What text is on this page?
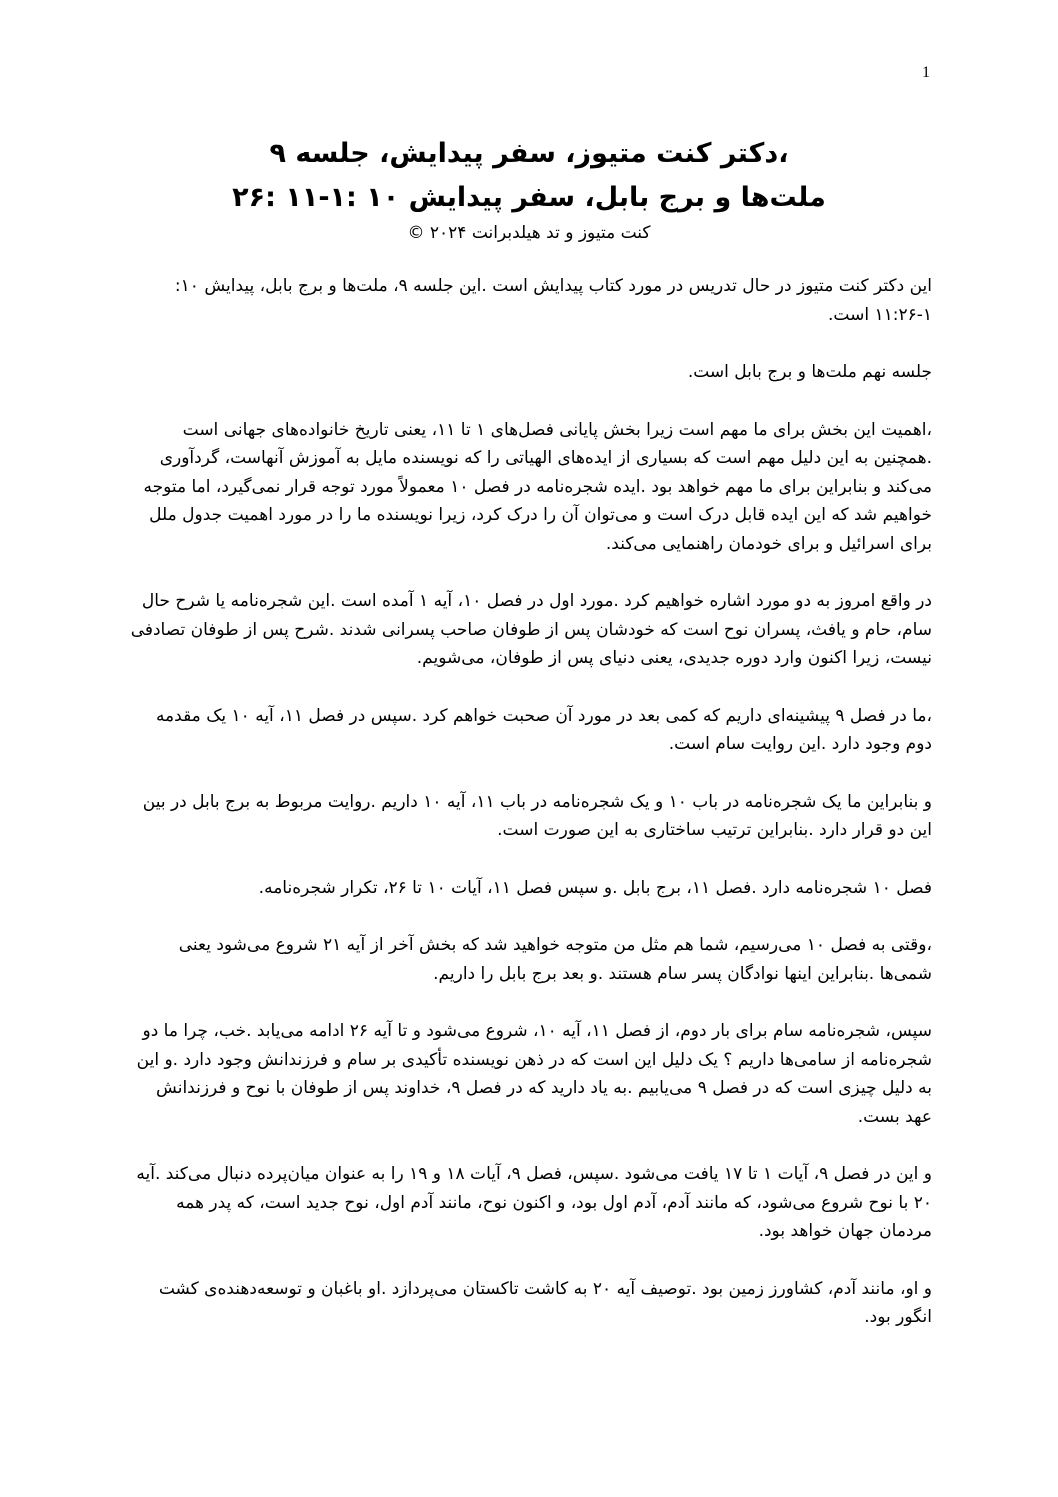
1
،دکتر کنت متیوز، سفر پیدایش، جلسه ۹
ملت‌ها و برج بابل، سفر پیدایش ۱۰ :۱-۱۱ :۲۶
کنت متیوز و تد هیلدبرانت ۲۰۲۴ ©

این دکتر کنت متیوز در حال تدریس در مورد کتاب پیدایش است .این جلسه ۹، ملت‌ها و برج بابل، پیدایش ۱۰: ۱-۱۱:۲۶ است.

جلسه نهم ملت‌ها و برج بابل است.

،اهمیت این بخش برای ما مهم است زیرا بخش پایانی فصل‌های ۱ تا ۱۱، یعنی تاریخ خانواده‌های جهانی است .همچنین به این دلیل مهم است که بسیاری از ایده‌های الهیاتی را که نویسنده مایل به آموزش آنهاست، گردآوری می‌کند و بنابراین برای ما مهم خواهد بود .ایده شجره‌نامه در فصل ۱۰ معمولاً مورد توجه قرار نمی‌گیرد، اما متوجه خواهیم شد که این ایده قابل درک است و می‌توان آن را درک کرد، زیرا نویسنده ما را در مورد اهمیت جدول ملل برای اسرائیل و برای خودمان راهنمایی می‌کند.

در واقع امروز به دو مورد اشاره خواهیم کرد .مورد اول در فصل ۱۰، آیه ۱ آمده است .این شجره‌نامه یا شرح حال سام، حام و یافث، پسران نوح است که خودشان پس از طوفان صاحب پسرانی شدند .شرح پس از طوفان تصادفی نیست، زیرا اکنون وارد دوره جدیدی، یعنی دنیای پس از طوفان، می‌شویم.

،ما در فصل ۹ پیشینه‌ای داریم که کمی بعد در مورد آن صحبت خواهم کرد .سپس در فصل ۱۱، آیه ۱۰ یک مقدمه دوم وجود دارد .این روایت سام است.

و بنابراین ما یک شجره‌نامه در باب ۱۰ و یک شجره‌نامه در باب ۱۱، آیه ۱۰ داریم .روایت مربوط به برج بابل در بین این دو قرار دارد .بنابراین ترتیب ساختاری به این صورت است.

فصل ۱۰ شجره‌نامه دارد .فصل ۱۱، برج بابل .و سپس فصل ۱۱، آیات ۱۰ تا ۲۶، تکرار شجره‌نامه.

،وقتی به فصل ۱۰ می‌رسیم، شما هم مثل من متوجه خواهید شد که بخش آخر از آیه ۲۱ شروع می‌شود یعنی شمی‌ها .بنابراین اینها نوادگان پسر سام هستند .و بعد برج بابل را داریم.

سپس، شجره‌نامه سام برای بار دوم، از فصل ۱۱، آیه ۱۰، شروع می‌شود و تا آیه ۲۶ ادامه می‌یابد .خب، چرا ما دو شجره‌نامه از سامی‌ها داریم ؟ یک دلیل این است که در ذهن نویسنده تأکیدی بر سام و فرزندانش وجود دارد .و این به دلیل چیزی است که در فصل ۹ می‌یابیم .به یاد دارید که در فصل ۹، خداوند پس از طوفان با نوح و فرزندانش عهد بست.

و این در فصل ۹، آیات ۱ تا ۱۷ یافت می‌شود .سپس، فصل ۹، آیات ۱۸ و ۱۹ را به عنوان میان‌پرده دنبال می‌کند .آیه ۲۰ با نوح شروع می‌شود، که مانند آدم، آدم اول بود، و اکنون نوح، مانند آدم اول، نوح جدید است، که پدر همه مردمان جهان خواهد بود.

و او، مانند آدم، کشاورز زمین بود .توصیف آیه ۲۰ به کاشت تاکستان می‌پردازد .او باغبان و توسعه‌دهنده‌ی کشت انگور بود.
